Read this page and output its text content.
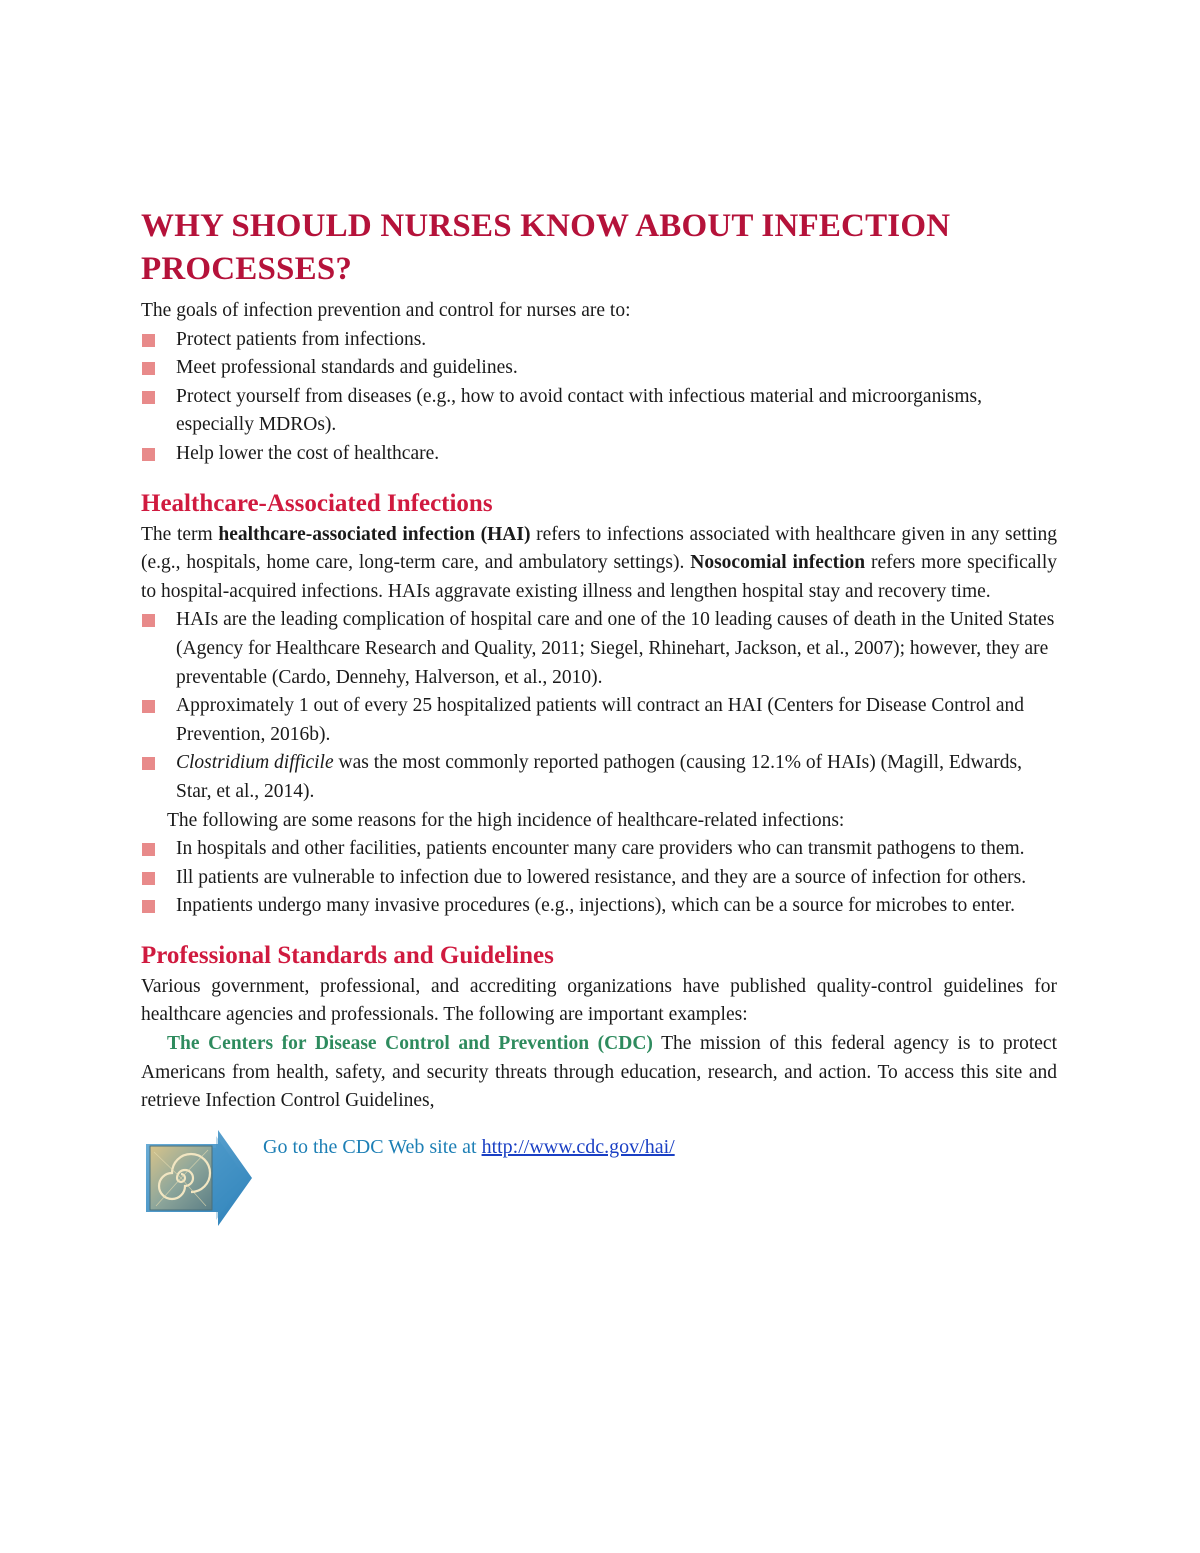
WHY SHOULD NURSES KNOW ABOUT INFECTION PROCESSES?

The goals of infection prevention and control for nurses are to:

Protect patients from infections.
Meet professional standards and guidelines.
Protect yourself from diseases (e.g., how to avoid contact with infectious material and microorganisms, especially MDROs).
Help lower the cost of healthcare.
Healthcare-Associated Infections

The term healthcare-associated infection (HAI) refers to infections associated with healthcare given in any setting (e.g., hospitals, home care, long-term care, and ambulatory settings). Nosocomial infection refers more specifically to hospital-acquired infections. HAIs aggravate existing illness and lengthen hospital stay and recovery time.

HAIs are the leading complication of hospital care and one of the 10 leading causes of death in the United States (Agency for Healthcare Research and Quality, 2011; Siegel, Rhinehart, Jackson, et al., 2007); however, they are preventable (Cardo, Dennehy, Halverson, et al., 2010).
Approximately 1 out of every 25 hospitalized patients will contract an HAI (Centers for Disease Control and Prevention, 2016b).
Clostridium difficile was the most commonly reported pathogen (causing 12.1% of HAIs) (Magill, Edwards, Star, et al., 2014).

The following are some reasons for the high incidence of healthcare-related infections:

In hospitals and other facilities, patients encounter many care providers who can transmit pathogens to them.
Ill patients are vulnerable to infection due to lowered resistance, and they are a source of infection for others.
Inpatients undergo many invasive procedures (e.g., injections), which can be a source for microbes to enter.
Professional Standards and Guidelines

Various government, professional, and accrediting organizations have published quality-control guidelines for healthcare agencies and professionals. The following are important examples:

The Centers for Disease Control and Prevention (CDC) The mission of this federal agency is to protect Americans from health, safety, and security threats through education, research, and action. To access this site and retrieve Infection Control Guidelines,

Go to the CDC Web site at http://www.cdc.gov/hai/
